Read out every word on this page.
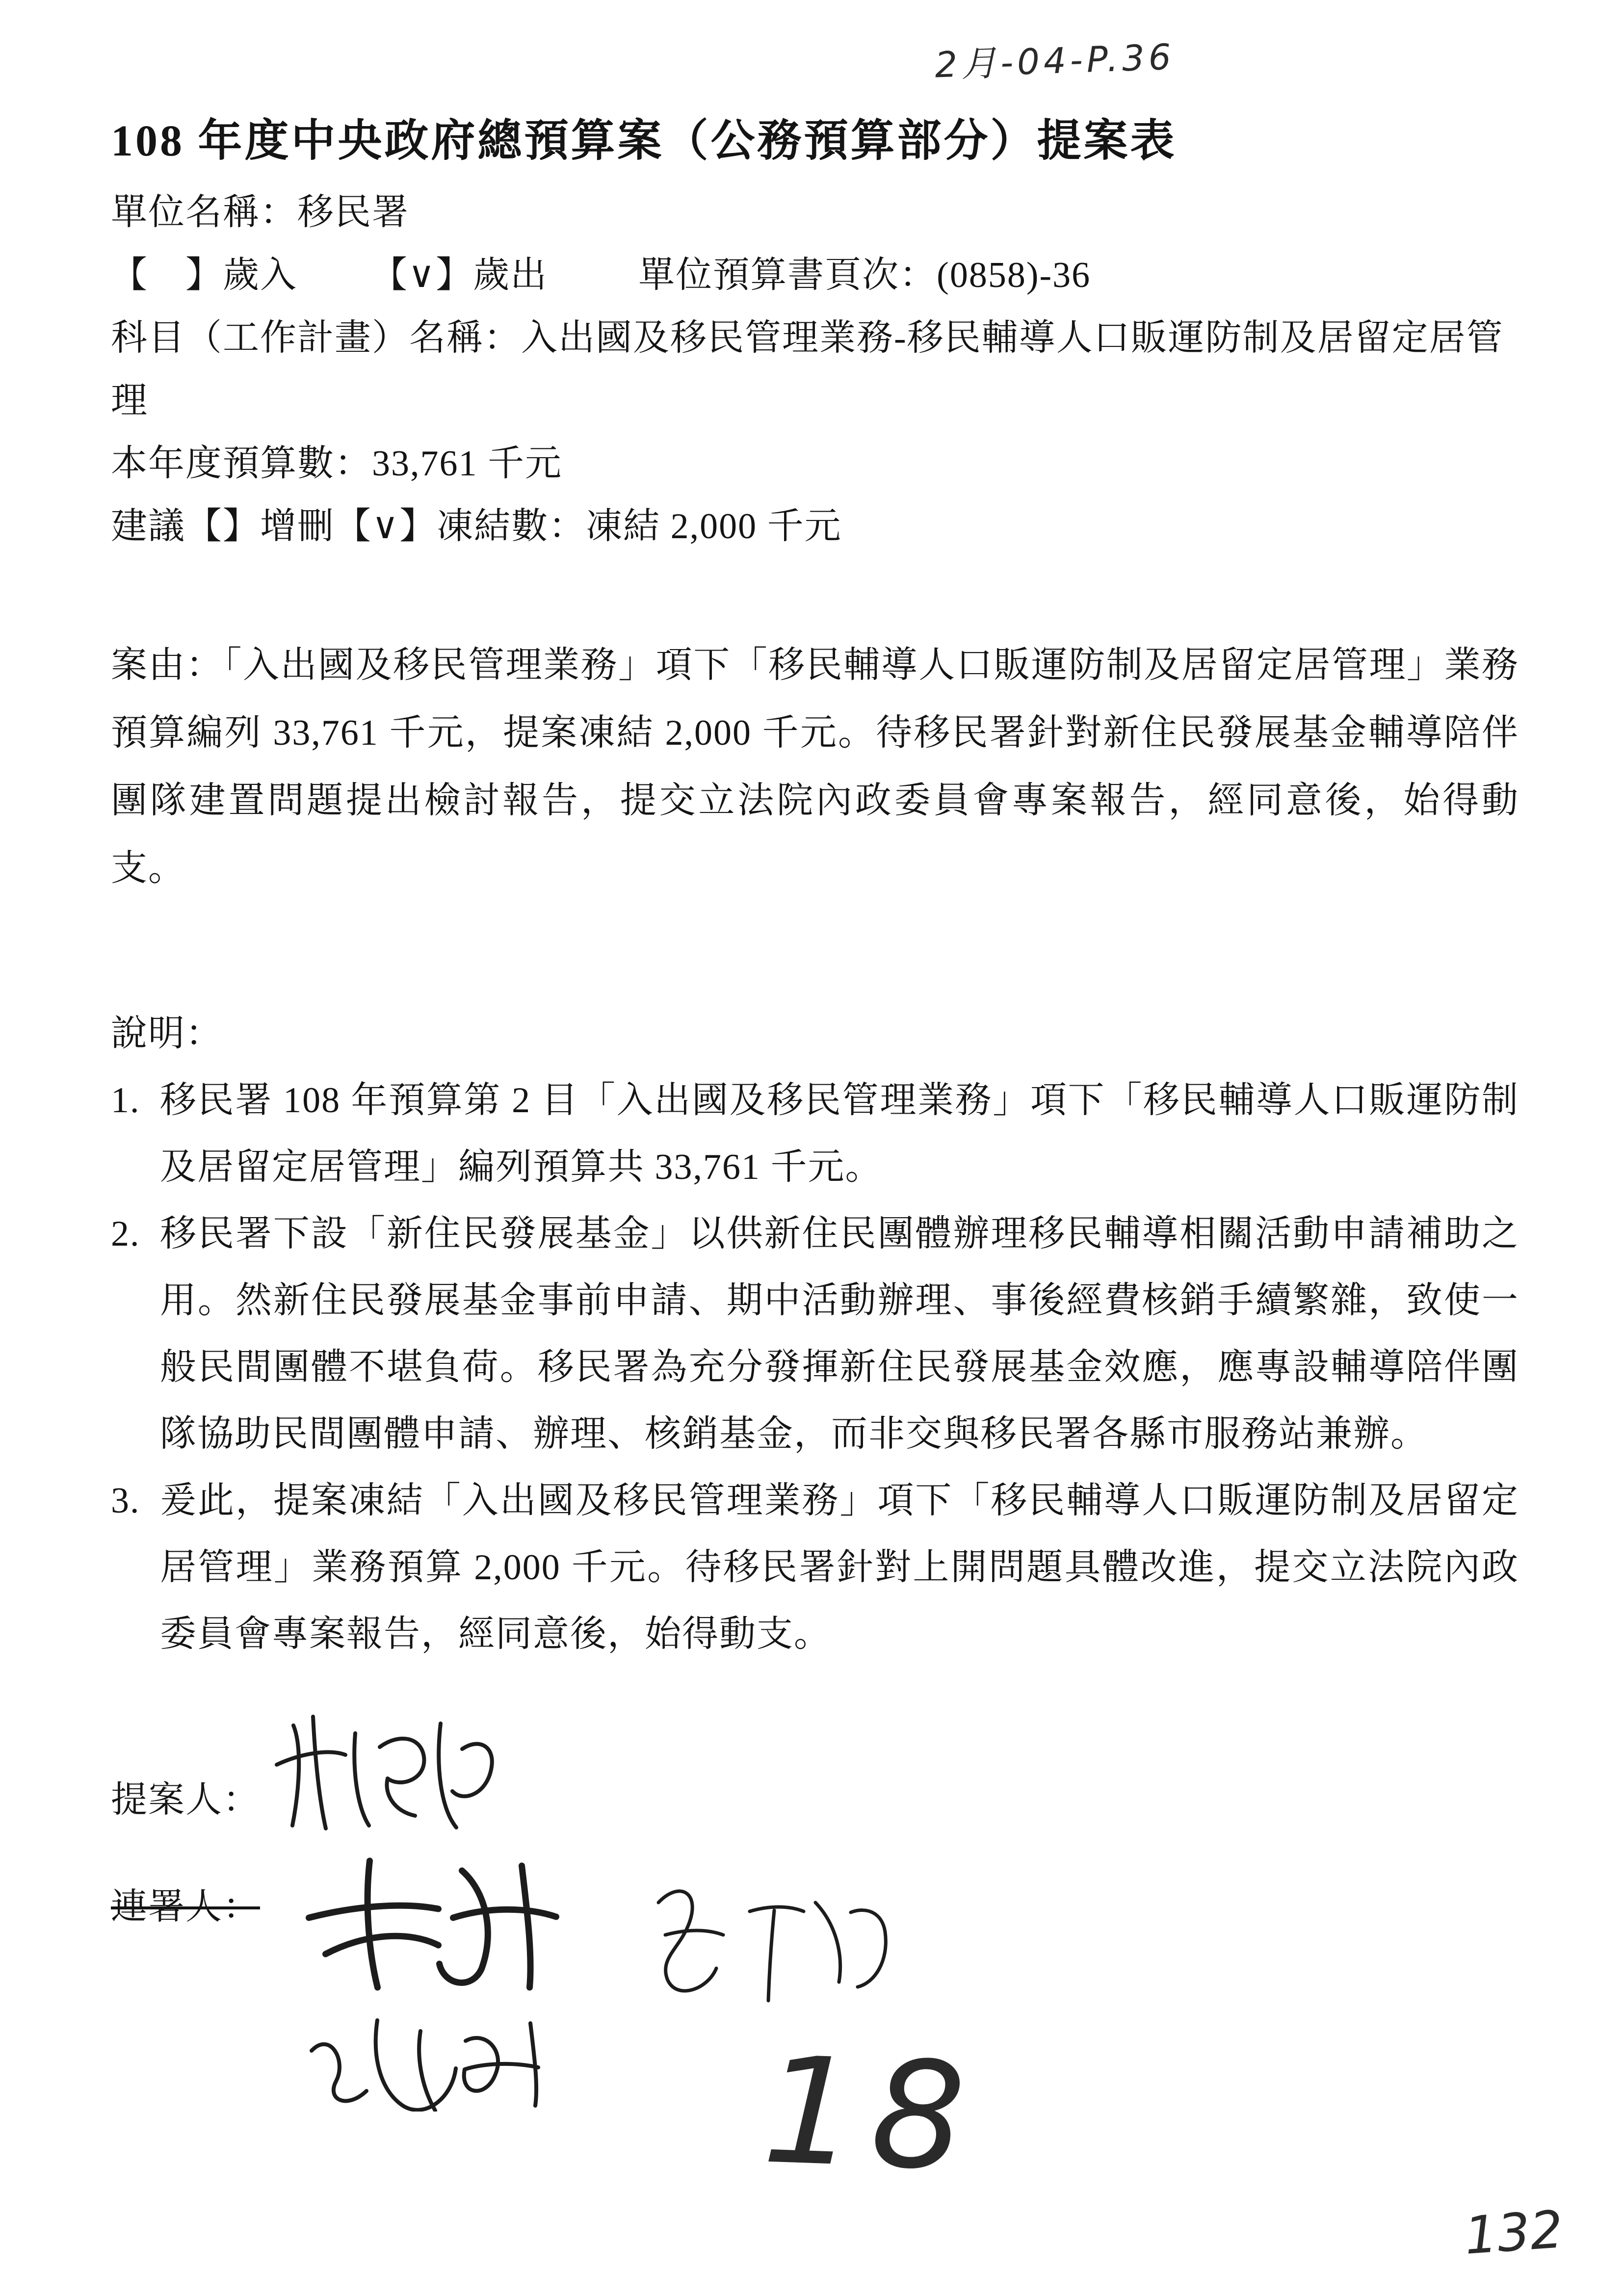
2月-04-P.36
108 年度中央政府總預算案（公務預算部分）提案表
單位名稱：移民署
【　】歲入 【∨】歲出	單位預算書頁次：(0858)-36
科目（工作計畫）名稱：入出國及移民管理業務-移民輔導人口販運防制及居留定居管理
本年度預算數：33,761 千元
建議【】增刪【∨】凍結數：凍結 2,000 千元
案由：「入出國及移民管理業務」項下「移民輔導人口販運防制及居留定居管理」業務預算編列 33,761 千元，提案凍結 2,000 千元。待移民署針對新住民發展基金輔導陪伴團隊建置問題提出檢討報告，提交立法院內政委員會專案報告，經同意後，始得動支。
說明：
1. 移民署 108 年預算第 2 目「入出國及移民管理業務」項下「移民輔導人口販運防制及居留定居管理」編列預算共 33,761 千元。
2. 移民署下設「新住民發展基金」以供新住民團體辦理移民輔導相關活動申請補助之用。然新住民發展基金事前申請、期中活動辦理、事後經費核銷手續繁雜，致使一般民間團體不堪負荷。移民署為充分發揮新住民發展基金效應，應專設輔導陪伴團隊協助民間團體申請、辦理、核銷基金，而非交與移民署各縣市服務站兼辦。
3. 爰此，提案凍結「入出國及移民管理業務」項下「移民輔導人口販運防制及居留定居管理」業務預算 2,000 千元。待移民署針對上開問題具體改進，提交立法院內政委員會專案報告，經同意後，始得動支。
提案人：
連署人：
18
132
